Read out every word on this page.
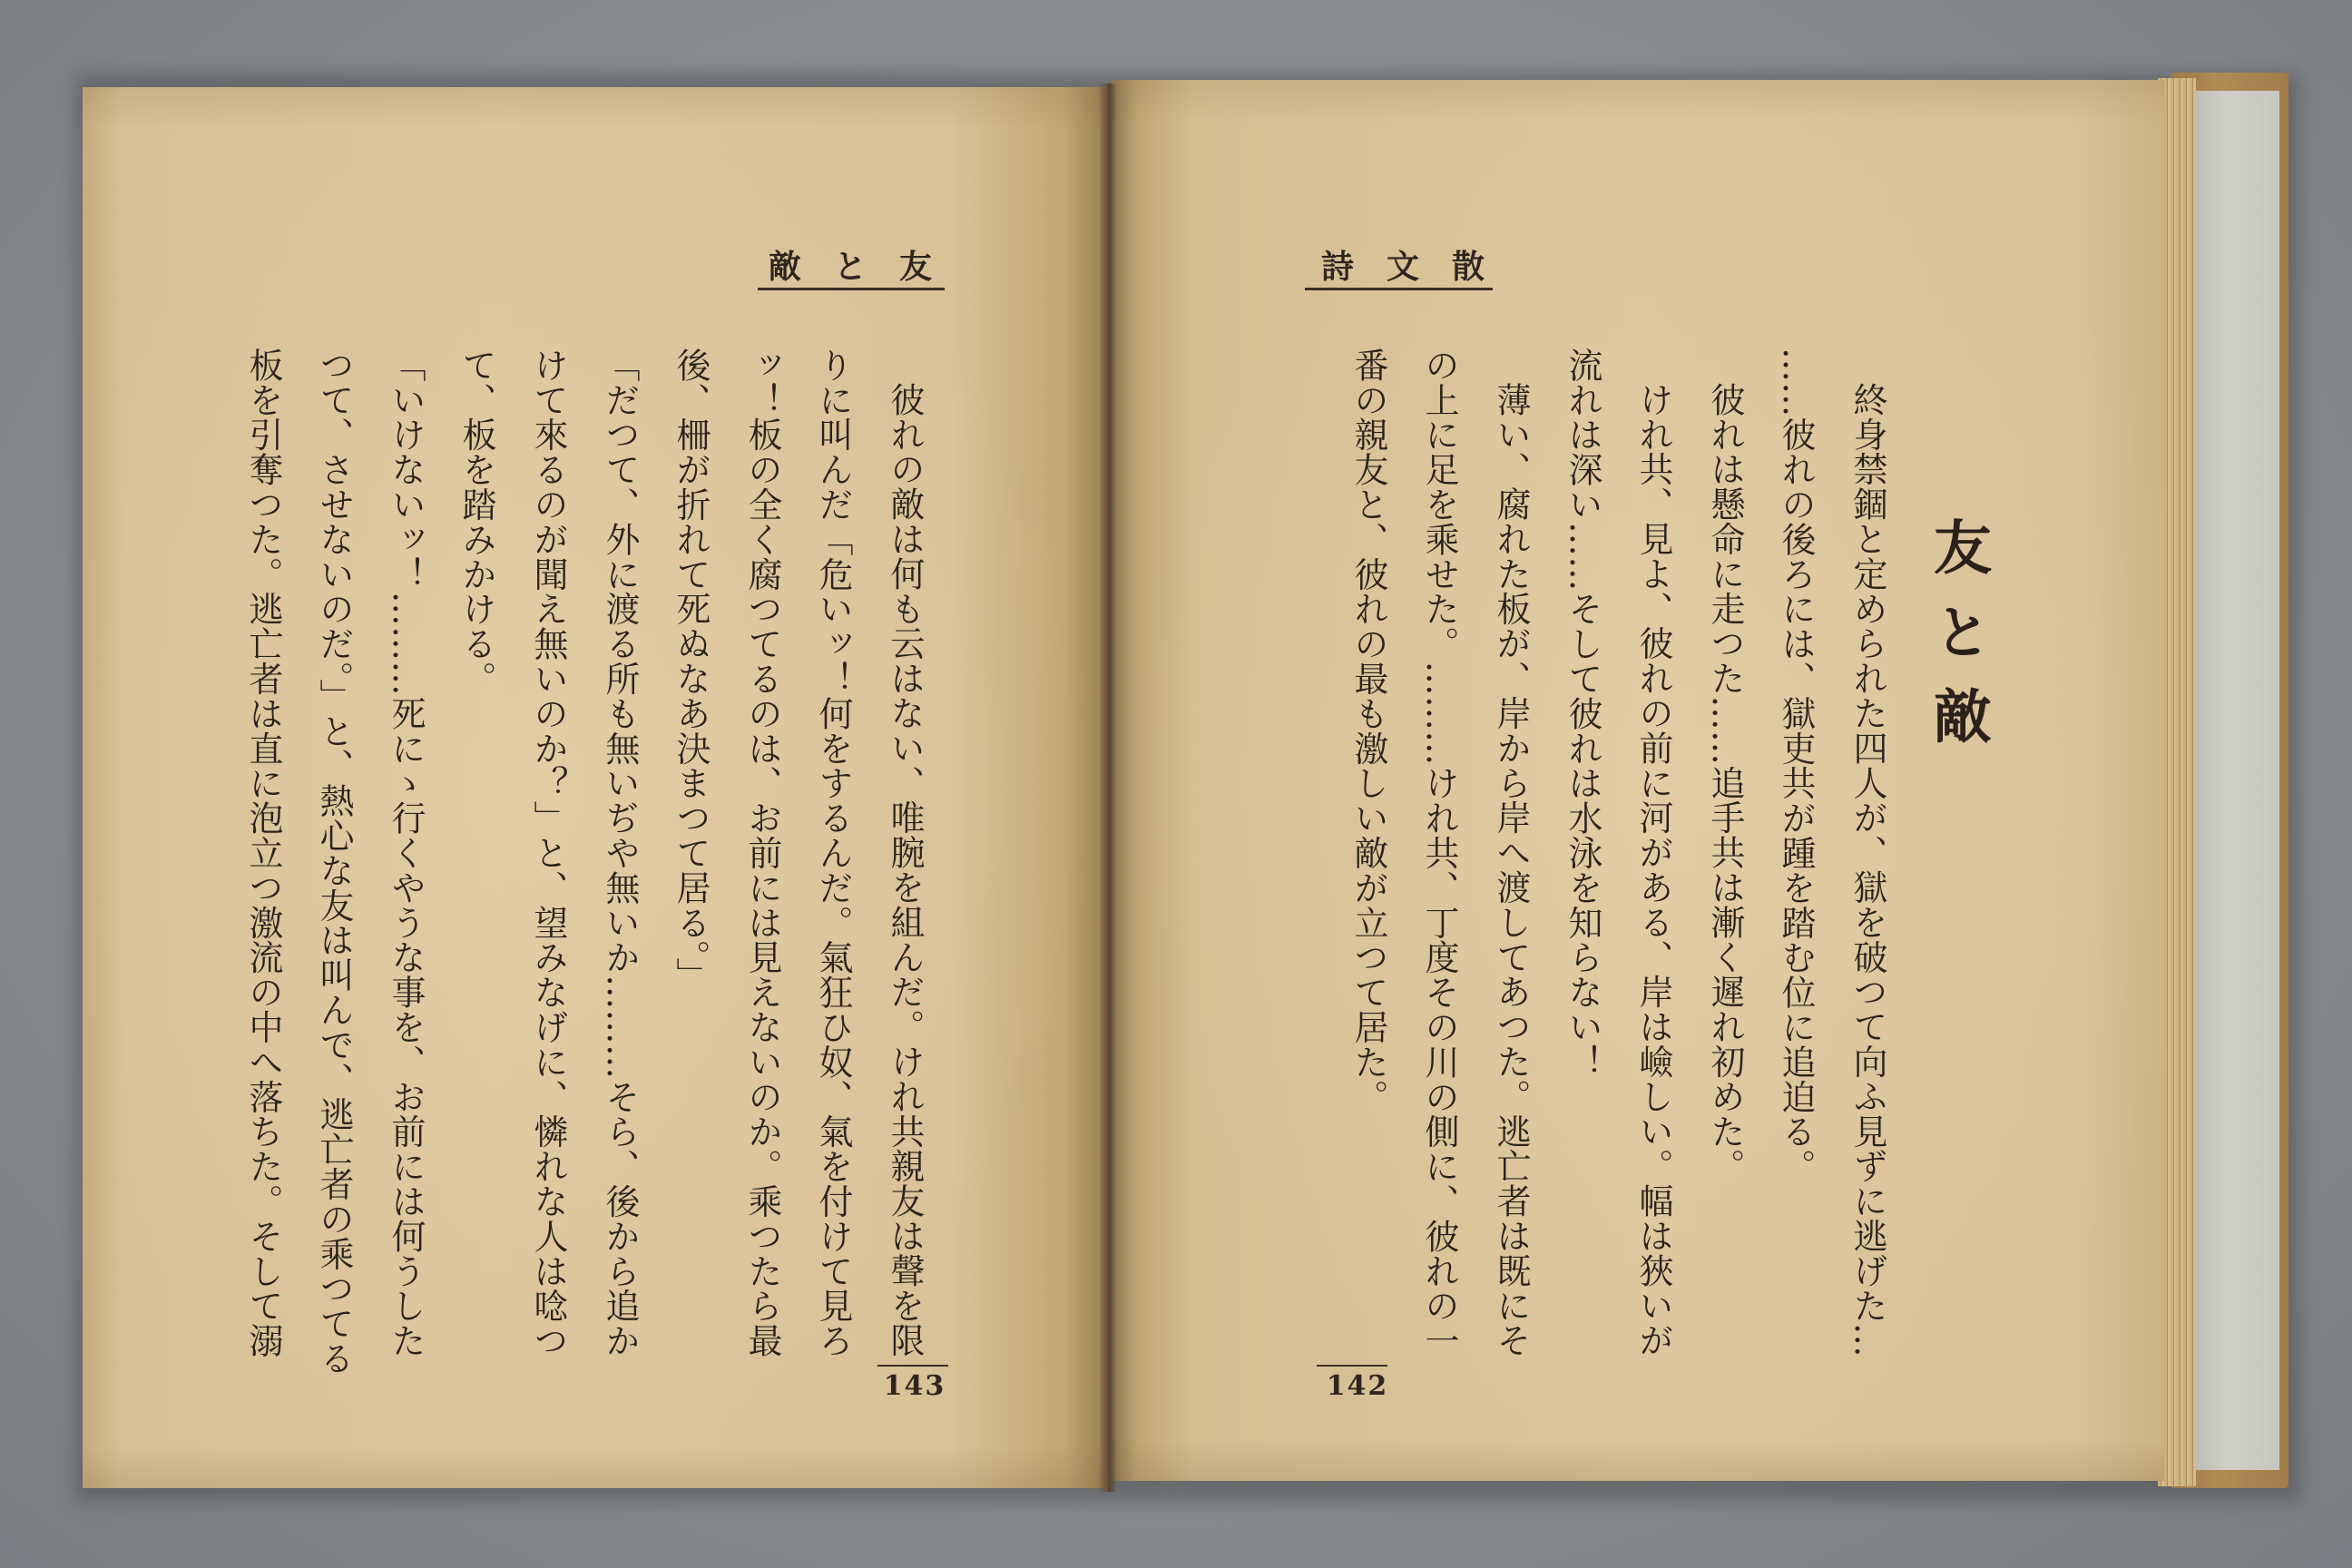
友と敵
彼れの敵は何も云はない、唯腕を組んだ。けれ共親友は聲を限
りに叫んだ「危いッ！何をするんだ。氣狂ひ奴、氣を付けて見ろ
ッ！板の全く腐つてるのは、お前には見えないのか。乘つたら最
後、柵が折れて死ぬなあ決まつて居る。」
「だつて、外に渡る所も無いぢや無いか………そら、後から追か
けて來るのが聞え無いのか？」と、望みなげに、憐れな人は唸つ
て、板を踏みかける。
「いけないッ！………死にゝ行くやうな事を、お前には何うした
つて、させないのだ。」と、熱心な友は叫んで、逃亡者の乘つてる
板を引奪つた。逃亡者は直に泡立つ激流の中へ落ちた。そして溺
143
散文詩
友と敵
終身禁錮と定められた四人が、獄を破つて向ふ見ずに逃げた…
……彼れの後ろには、獄吏共が踵を踏む位に追迫る。
彼れは懸命に走つた……追手共は漸く遲れ初めた。
けれ共、見よ、彼れの前に河がある、岸は嶮しい。幅は狹いが
流れは深い……そして彼れは水泳を知らない！
薄い、腐れた板が、岸から岸へ渡してあつた。逃亡者は既にそ
の上に足を乘せた。………けれ共、丁度その川の側に、彼れの一
番の親友と、彼れの最も激しい敵が立つて居た。
142
